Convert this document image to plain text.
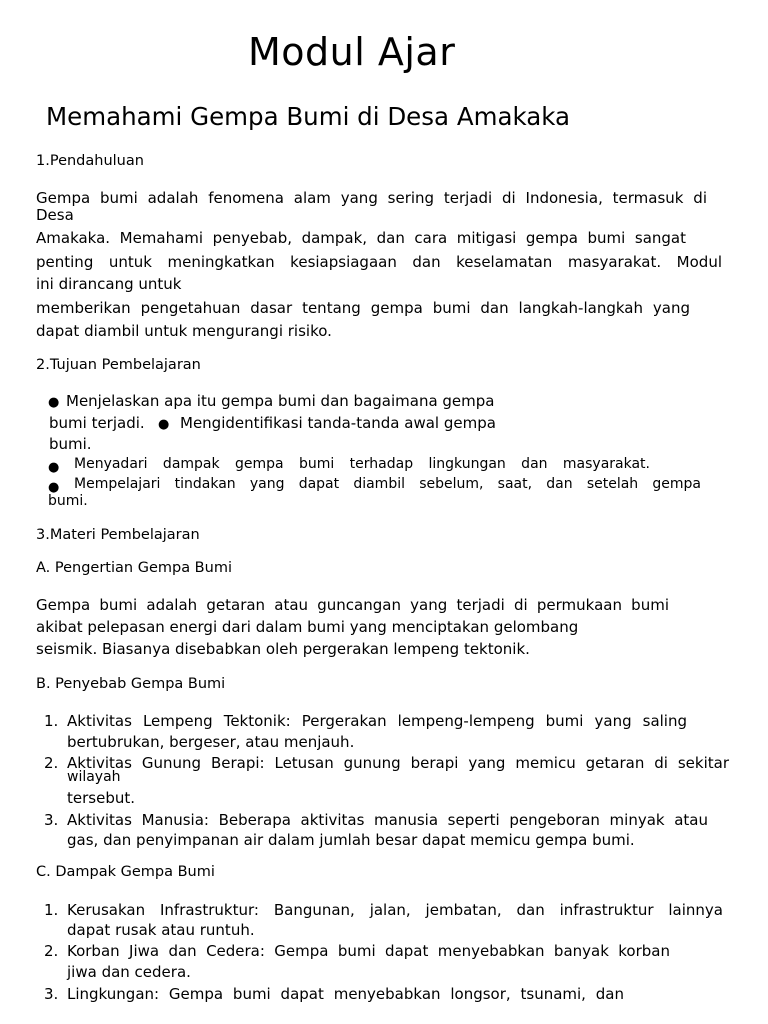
Modul Ajar
Memahami Gempa Bumi di Desa Amakaka
1.Pendahuluan
Gempa bumi adalah fenomena alam yang sering terjadi di Indonesia, termasuk di
Desa
Amakaka. Memahami penyebab, dampak, dan cara mitigasi gempa bumi sangat
penting untuk meningkatkan kesiapsiagaan dan keselamatan masyarakat. Modul
ini dirancang untuk
memberikan pengetahuan dasar tentang gempa bumi dan langkah-langkah yang
dapat diambil untuk mengurangi risiko.
2.Tujuan Pembelajaran
● Menjelaskan apa itu gempa bumi dan bagaimana gempa
bumi terjadi. ● Mengidentifikasi tanda-tanda awal gempa
bumi.
● Menyadari dampak gempa bumi terhadap lingkungan dan masyarakat.
● Mempelajari tindakan yang dapat diambil sebelum, saat, dan setelah gempa
bumi.
3.Materi Pembelajaran
A. Pengertian Gempa Bumi
Gempa bumi adalah getaran atau guncangan yang terjadi di permukaan bumi
akibat pelepasan energi dari dalam bumi yang menciptakan gelombang
seismik. Biasanya disebabkan oleh pergerakan lempeng tektonik.
B. Penyebab Gempa Bumi
1. Aktivitas Lempeng Tektonik: Pergerakan lempeng-lempeng bumi yang saling
bertubrukan, bergeser, atau menjauh.
2. Aktivitas Gunung Berapi: Letusan gunung berapi yang memicu getaran di sekitar
wilayah
tersebut.
3. Aktivitas Manusia: Beberapa aktivitas manusia seperti pengeboran minyak atau
gas, dan penyimpanan air dalam jumlah besar dapat memicu gempa bumi.
C. Dampak Gempa Bumi
1. Kerusakan Infrastruktur: Bangunan, jalan, jembatan, dan infrastruktur lainnya
dapat rusak atau runtuh.
2. Korban Jiwa dan Cedera: Gempa bumi dapat menyebabkan banyak korban
jiwa dan cedera.
3. Lingkungan: Gempa bumi dapat menyebabkan longsor, tsunami, dan
